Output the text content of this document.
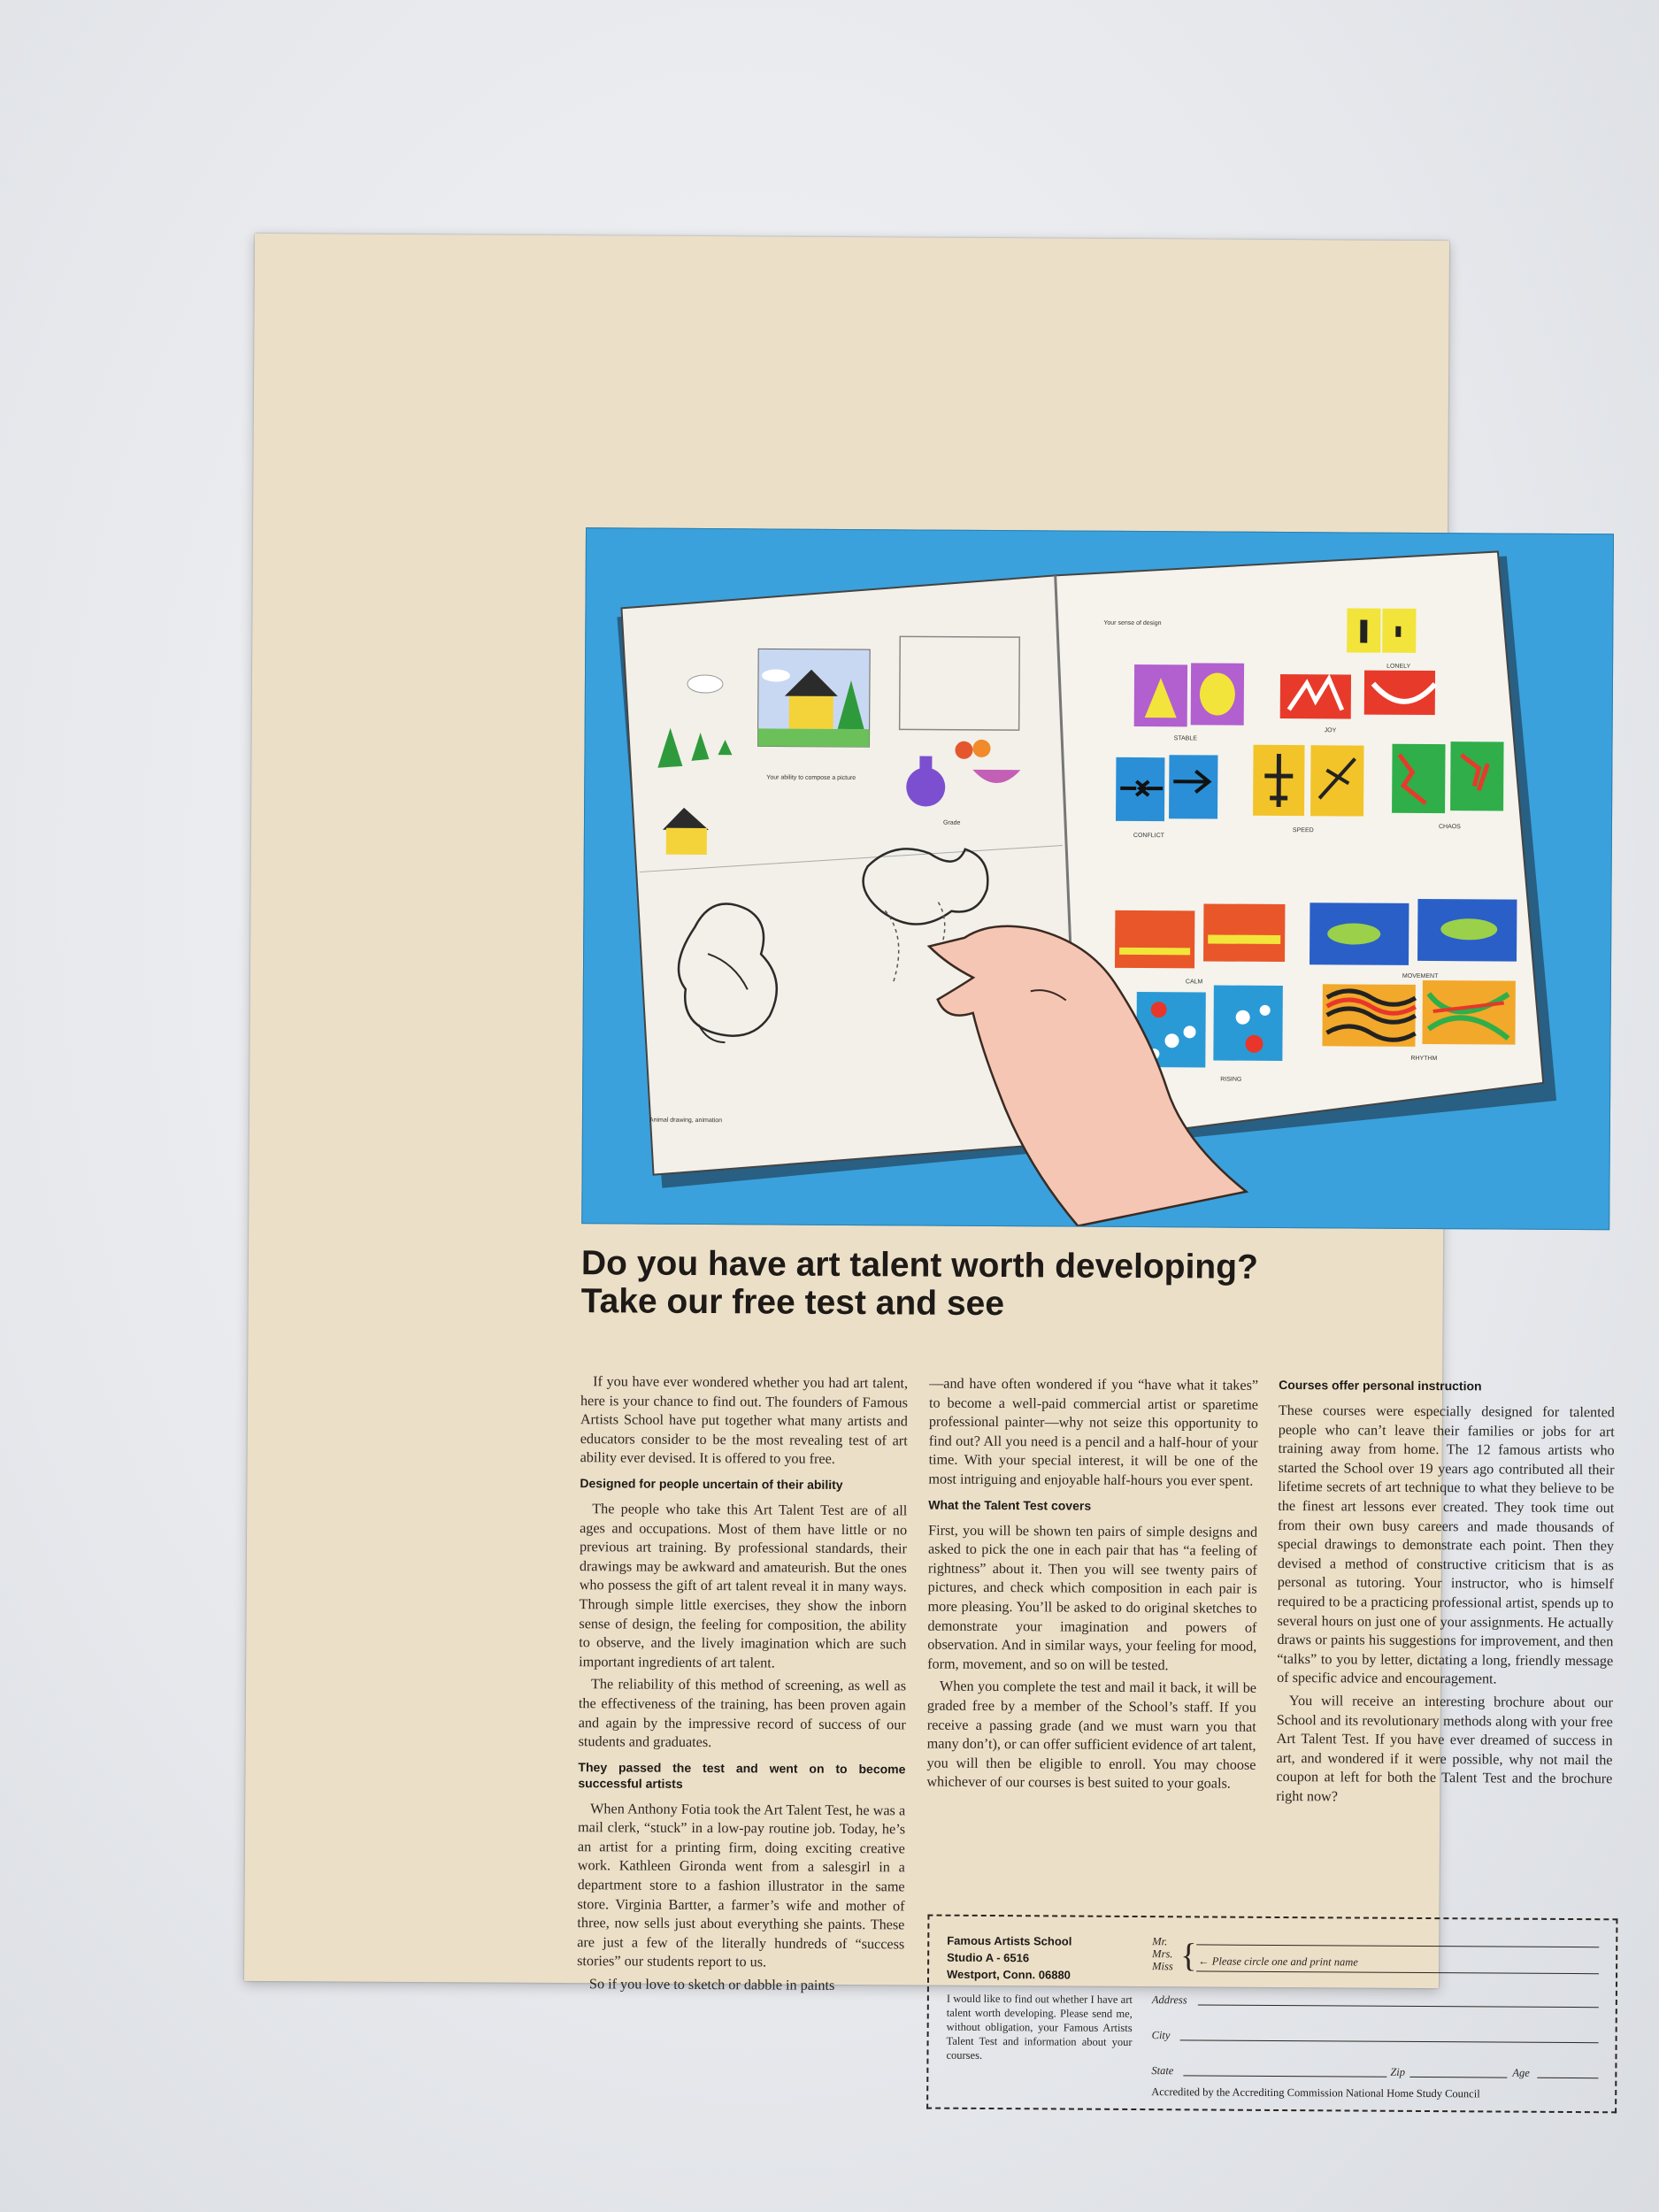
Your ability to compose a picture
Grade
Animal drawing, animation
Your sense of design
LONELY
STABLE
JOY
CONFLICT
SPEED
CHAOS
CALM
MOVEMENT
RISING
RHYTHM
Do you have art talent worth developing?
Take our free test and see

If you have ever wondered whether you had art talent, here is your chance to find out. The founders of Famous Artists School have put together what many artists and educators consider to be the most revealing test of art ability ever devised. It is offered to you free.

Designed for people uncertain of their ability

The people who take this Art Talent Test are of all ages and occupations. Most of them have little or no previous art training. By professional standards, their drawings may be awkward and amateurish. But the ones who possess the gift of art talent reveal it in many ways. Through simple little exercises, they show the inborn sense of design, the feeling for composition, the ability to observe, and the lively imagination which are such important ingredients of art talent.

The reliability of this method of screening, as well as the effectiveness of the training, has been proven again and again by the impressive record of success of our students and graduates.

They passed the test and went on to become successful artists

When Anthony Fotia took the Art Talent Test, he was a mail clerk, “stuck” in a low-pay routine job. Today, he’s an artist for a printing firm, doing exciting creative work. Kathleen Gironda went from a salesgirl in a department store to a fashion illustrator in the same store. Virginia Bartter, a farmer’s wife and mother of three, now sells just about everything she paints. These are just a few of the literally hundreds of “success stories” our students report to us.

So if you love to sketch or dabble in paints

—and have often wondered if you “have what it takes” to become a well-paid commercial artist or sparetime professional painter—why not seize this opportunity to find out? All you need is a pencil and a half-hour of your time. With your special interest, it will be one of the most intriguing and enjoyable half-hours you ever spent.

What the Talent Test covers

First, you will be shown ten pairs of simple designs and asked to pick the one in each pair that has “a feeling of rightness” about it. Then you will see twenty pairs of pictures, and check which composition in each pair is more pleasing. You’ll be asked to do original sketches to demonstrate your imagination and powers of observation. And in similar ways, your feeling for mood, form, movement, and so on will be tested.

When you complete the test and mail it back, it will be graded free by a member of the School’s staff. If you receive a passing grade (and we must warn you that many don’t), or can offer sufficient evidence of art talent, you will then be eligible to enroll. You may choose whichever of our courses is best suited to your goals.

Courses offer personal instruction

These courses were especially designed for talented people who can’t leave their families or jobs for art training away from home. The 12 famous artists who started the School over 19 years ago contributed all their lifetime secrets of art technique to what they believe to be the finest art lessons ever created. They took time out from their own busy careers and made thousands of special drawings to demonstrate each point. Then they devised a method of constructive criticism that is as personal as tutoring. Your instructor, who is himself required to be a practicing professional artist, spends up to several hours on just one of your assignments. He actually draws or paints his suggestions for improvement, and then “talks” to you by letter, dictating a long, friendly message of specific advice and encouragement.

You will receive an interesting brochure about our School and its revolutionary methods along with your free Art Talent Test. If you have ever dreamed of success in art, and wondered if it were possible, why not mail the coupon at left for both the Talent Test and the brochure right now?

Famous Artists School
Studio A - 6516
Westport, Conn. 06880
I would like to find out whether I have art talent worth developing. Please send me, without obligation, your Famous Artists Talent Test and information about your courses.
Mr.
Mrs.
Miss { ← Please circle one and print name
Address
City
State	Zip	Age
Accredited by the Accrediting Commission National Home Study Council
